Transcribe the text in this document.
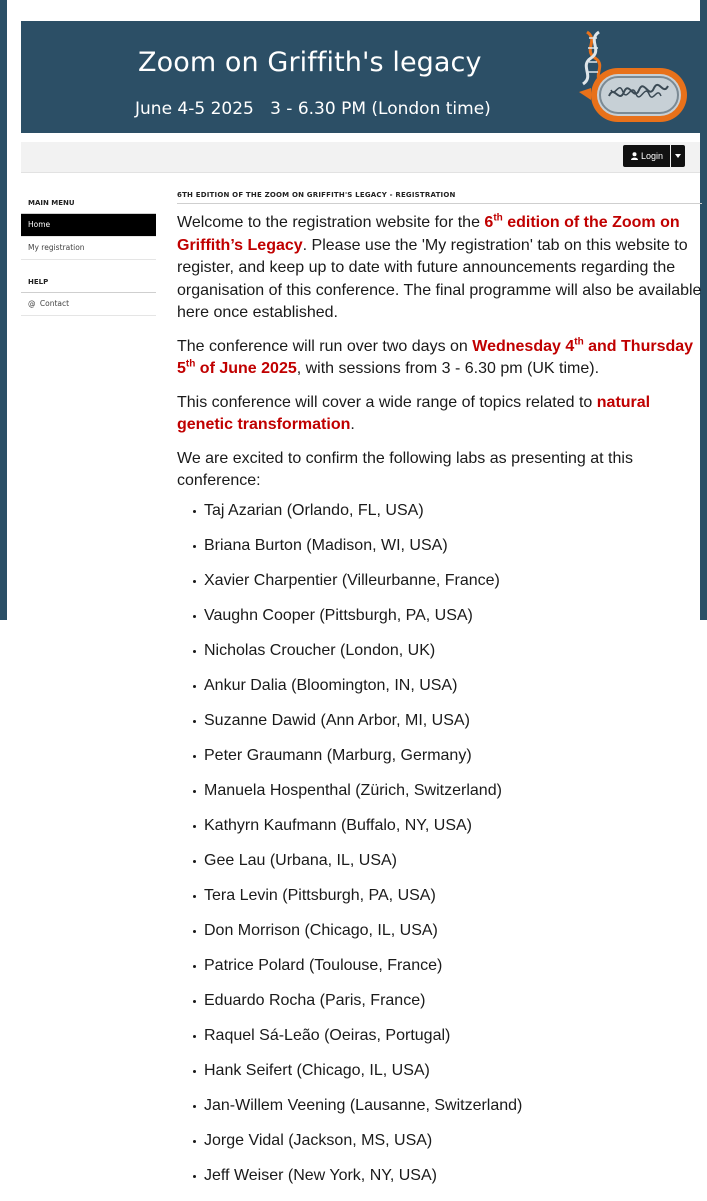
Zoom on Griffith's legacy
June 4-5 2025   3 - 6.30 PM (London time)
Login
MAIN MENU
Home
My registration
HELP
@ Contact
6TH EDITION OF THE ZOOM ON GRIFFITH'S LEGACY - REGISTRATION

Welcome to the registration website for the 6th edition of the Zoom on Griffith’s Legacy. Please use the 'My registration' tab on this website to register, and keep up to date with future announcements regarding the organisation of this conference. The final programme will also be available here once established.

The conference will run over two days on Wednesday 4th and Thursday 5th of June 2025, with sessions from 3 - 6.30 pm (UK time).

This conference will cover a wide range of topics related to natural genetic transformation.

We are excited to confirm the following labs as presenting at this conference:

Taj Azarian (Orlando, FL, USA)
Briana Burton (Madison, WI, USA)
Xavier Charpentier (Villeurbanne, France)
Vaughn Cooper (Pittsburgh, PA, USA)
Nicholas Croucher (London, UK)
Ankur Dalia (Bloomington, IN, USA)
Suzanne Dawid (Ann Arbor, MI, USA)
Peter Graumann (Marburg, Germany)
Manuela Hospenthal (Zürich, Switzerland)
Kathyrn Kaufmann (Buffalo, NY, USA)
Gee Lau (Urbana, IL, USA)
Tera Levin (Pittsburgh, PA, USA)
Don Morrison (Chicago, IL, USA)
Patrice Polard (Toulouse, France)
Eduardo Rocha (Paris, France)
Raquel Sá-Leão (Oeiras, Portugal)
Hank Seifert (Chicago, IL, USA)
Jan-Willem Veening (Lausanne, Switzerland)
Jorge Vidal (Jackson, MS, USA)
Jeff Weiser (New York, NY, USA)
